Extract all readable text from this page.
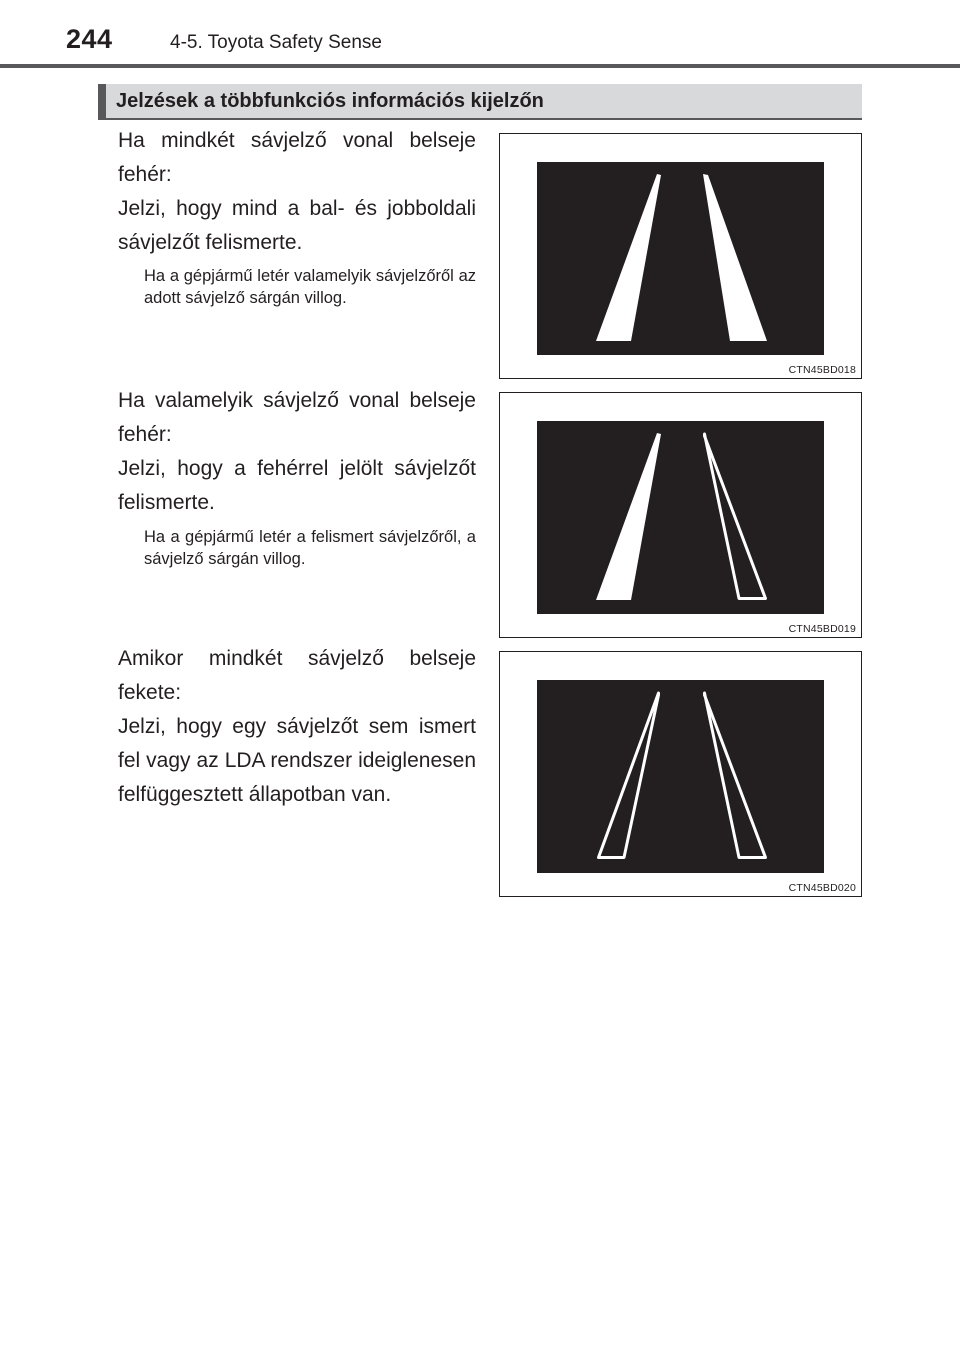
244	4-5. Toyota Safety Sense
Jelzések a többfunkciós információs kijelzőn
Ha mindkét sávjelző vonal belseje fehér:
Jelzi, hogy mind a bal- és jobboldali sávjelzőt felismerte.
Ha a gépjármű letér valamelyik sávjelzőről az adott sávjelző sárgán villog.
CTN45BD018
Ha valamelyik sávjelző vonal belseje fehér:
Jelzi, hogy a fehérrel jelölt sávjelzőt felismerte.
Ha a gépjármű letér a felismert sávjelzőről, a sávjelző sárgán villog.
CTN45BD019
Amikor mindkét sávjelző belseje fekete:
Jelzi, hogy egy sávjelzőt sem ismert fel vagy az LDA rendszer ideiglenesen felfüggesztett állapotban van.
CTN45BD020
